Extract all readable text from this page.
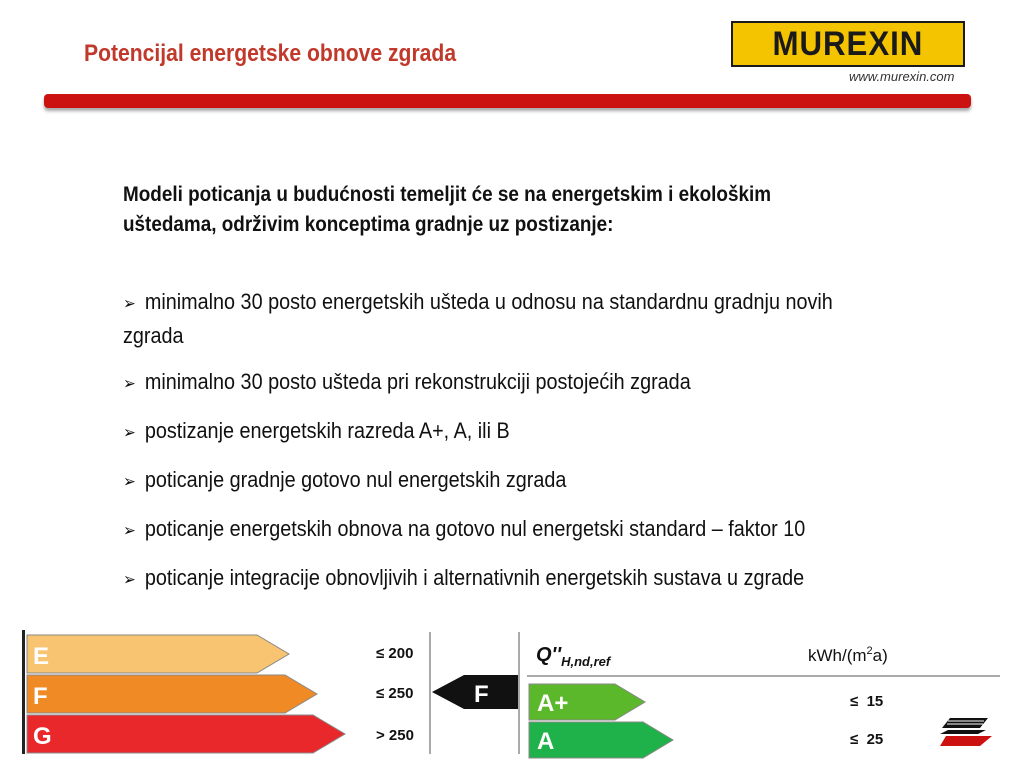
Potencijal energetske obnove zgrada	MUREXIN
www.murexin.com
Modeli poticanja u budućnosti temeljit će se na energetskim i ekološkim uštedama, održivim konceptima gradnje uz postizanje:
➢ minimalno 30 posto energetskih ušteda u odnosu na standardnu gradnju novih zgrada
➢ minimalno 30 posto ušteda pri rekonstrukciji postojećih zgrada
➢ postizanje energetskih razreda A+, A, ili B
➢ poticanje gradnje gotovo nul energetskih zgrada
➢ poticanje energetskih obnova na gotovo nul energetski standard – faktor 10
➢ poticanje integracije obnovljivih i alternativnih energetskih sustava u zgrade
E
F
G
≤ 200
≤ 250
> 250
F
$Q''_{H,nd,ref}$	kWh/$(m^2a)$
A+
A
≤  15
≤  25
